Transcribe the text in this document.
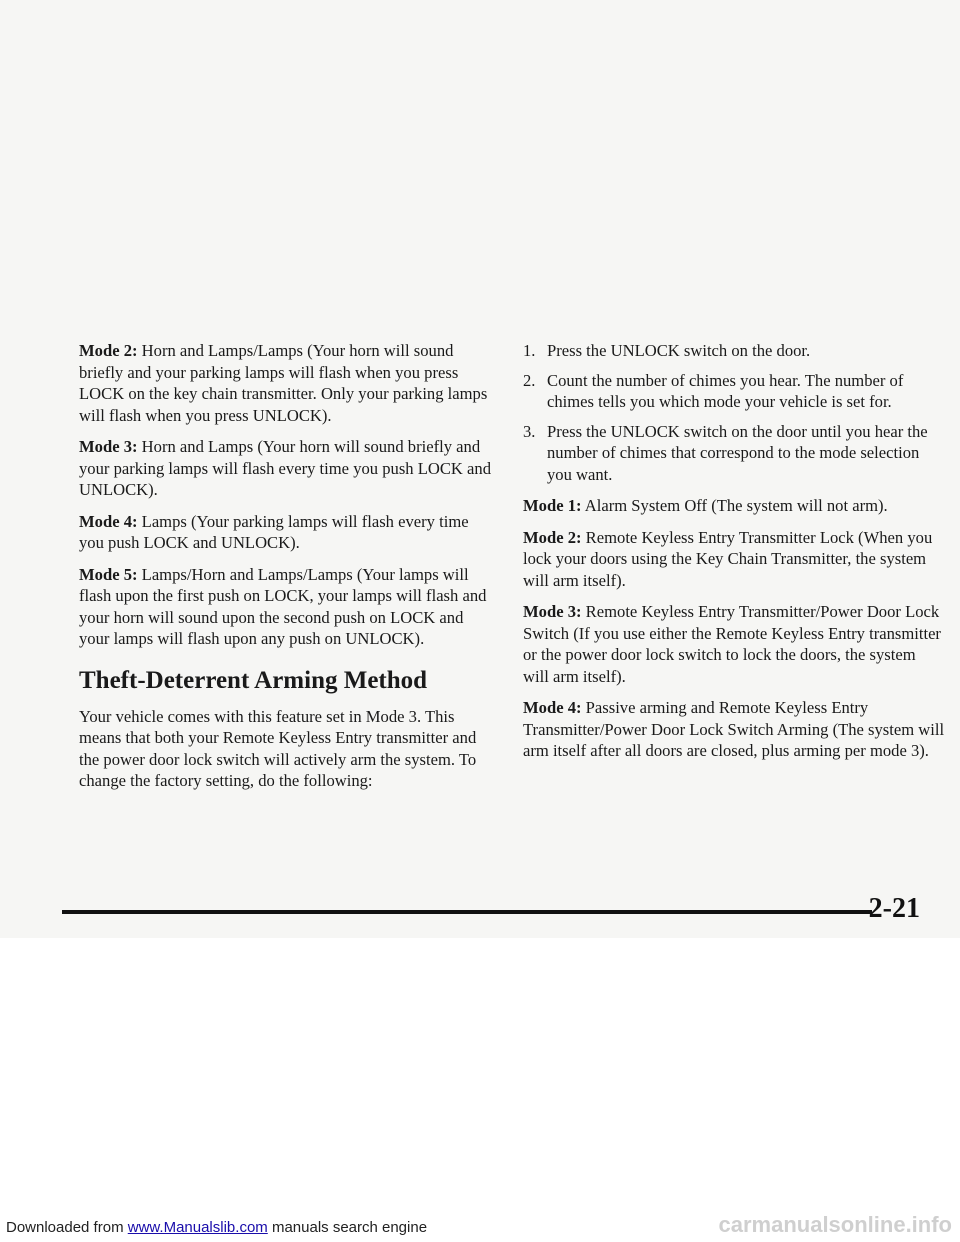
Mode 2: Horn and Lamps/Lamps (Your horn will sound briefly and your parking lamps will flash when you press LOCK on the key chain transmitter. Only your parking lamps will flash when you press UNLOCK).

Mode 3: Horn and Lamps (Your horn will sound briefly and your parking lamps will flash every time you push LOCK and UNLOCK).

Mode 4: Lamps (Your parking lamps will flash every time you push LOCK and UNLOCK).

Mode 5: Lamps/Horn and Lamps/Lamps (Your lamps will flash upon the first push on LOCK, your lamps will flash and your horn will sound upon the second push on LOCK and your lamps will flash upon any push on UNLOCK).

Theft-Deterrent Arming Method

Your vehicle comes with this feature set in Mode 3. This means that both your Remote Keyless Entry transmitter and the power door lock switch will actively arm the system. To change the factory setting, do the following:

1. Press the UNLOCK switch on the door.
2. Count the number of chimes you hear. The number of chimes tells you which mode your vehicle is set for.
3. Press the UNLOCK switch on the door until you hear the number of chimes that correspond to the mode selection you want.

Mode 1: Alarm System Off (The system will not arm).

Mode 2: Remote Keyless Entry Transmitter Lock (When you lock your doors using the Key Chain Transmitter, the system will arm itself).

Mode 3: Remote Keyless Entry Transmitter/Power Door Lock Switch (If you use either the Remote Keyless Entry transmitter or the power door lock switch to lock the doors, the system will arm itself).

Mode 4: Passive arming and Remote Keyless Entry Transmitter/Power Door Lock Switch Arming (The system will arm itself after all doors are closed, plus arming per mode 3).

2-21
Downloaded from www.Manualslib.com manuals search engine	carmanualsonline.info
